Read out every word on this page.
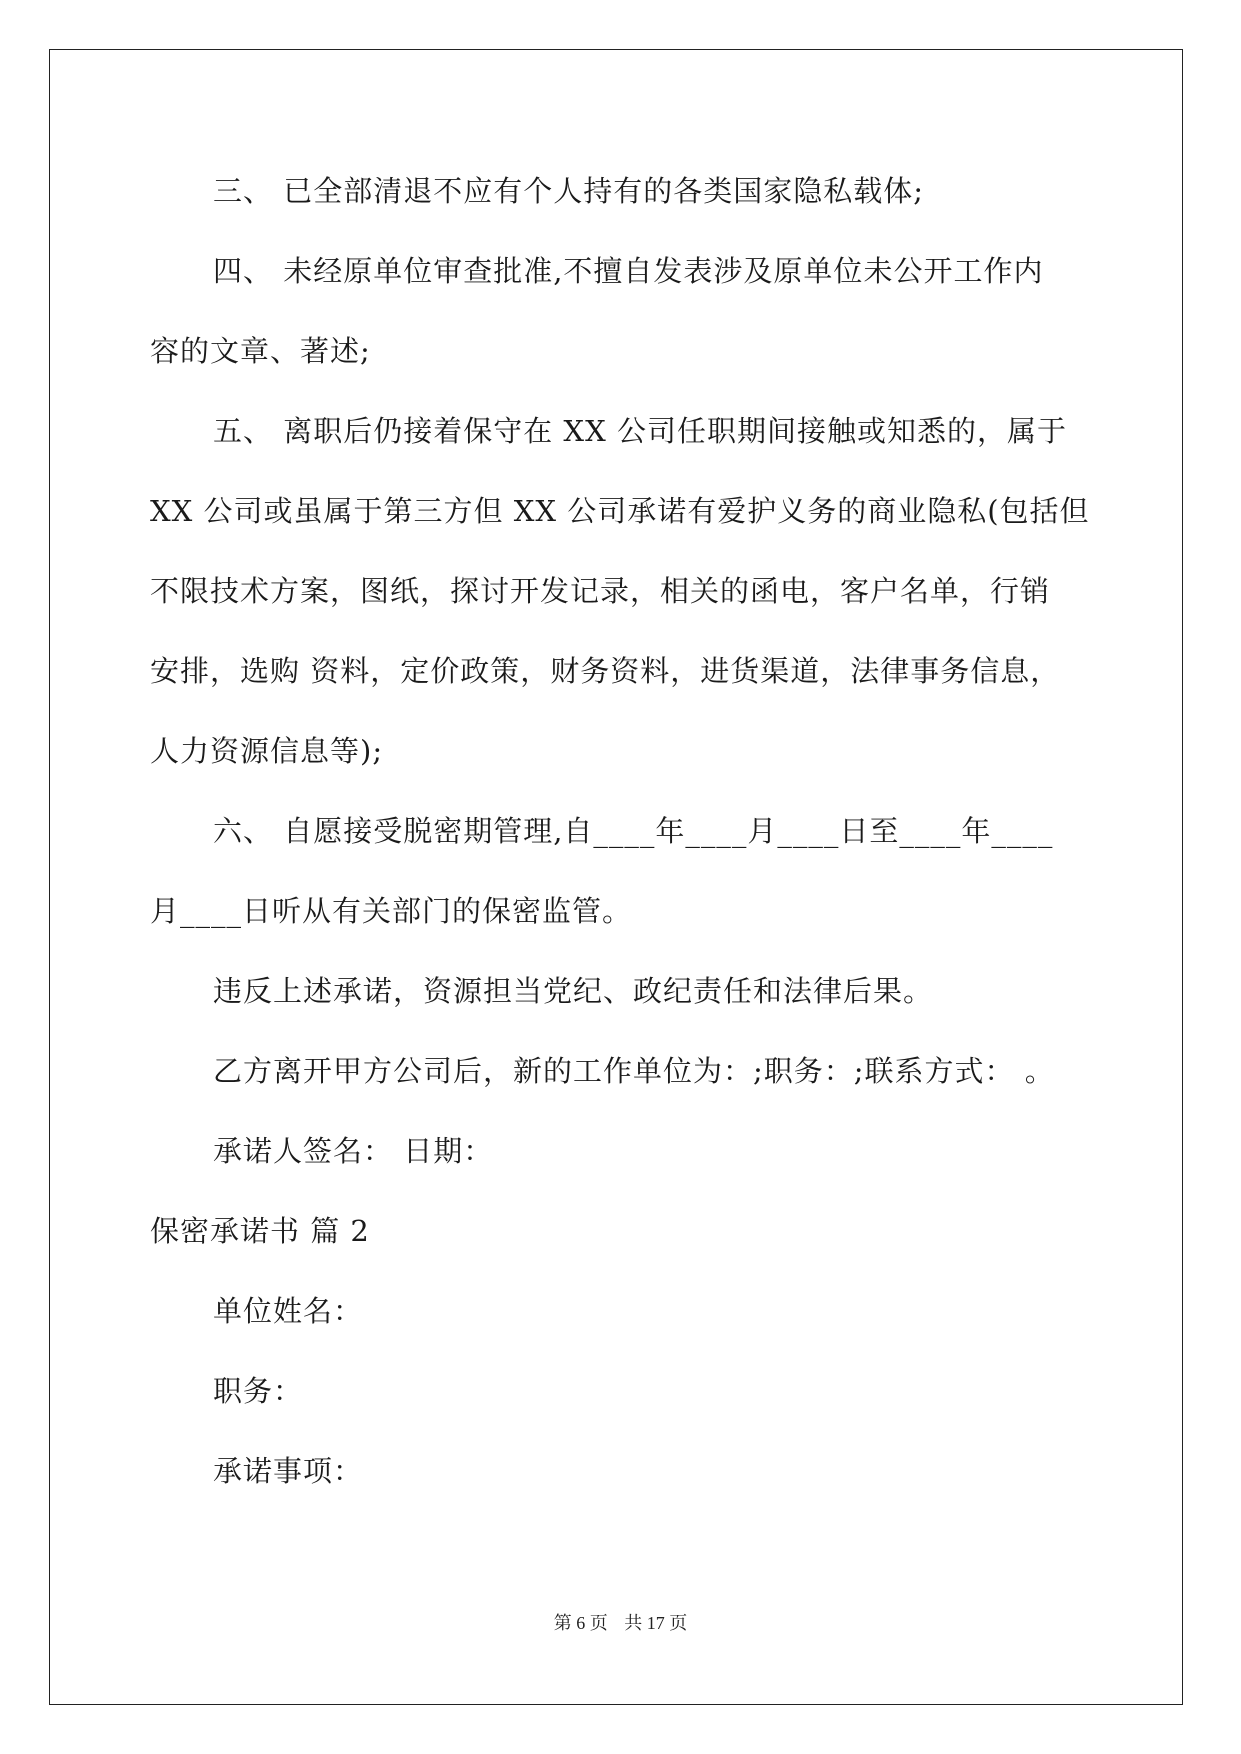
三、 已全部清退不应有个人持有的各类国家隐私载体;
四、 未经原单位审查批准,不擅自发表涉及原单位未公开工作内
容的文章、著述;
五、 离职后仍接着保守在 XX 公司任职期间接触或知悉的，属于
XX 公司或虽属于第三方但 XX 公司承诺有爱护义务的商业隐私(包括但
不限技术方案，图纸，探讨开发记录，相关的函电，客户名单，行销
安排，选购 资料，定价政策，财务资料，进货渠道，法律事务信息，
人力资源信息等);
六、 自愿接受脱密期管理,自____年____月____日至____年____
月____日听从有关部门的保密监管。
违反上述承诺，资源担当党纪、政纪责任和法律后果。
乙方离开甲方公司后，新的工作单位为：;职务：;联系方式： 。
承诺人签名： 日期：
保密承诺书 篇 2
单位姓名：
职务：
承诺事项：
第 6 页 共 17 页
